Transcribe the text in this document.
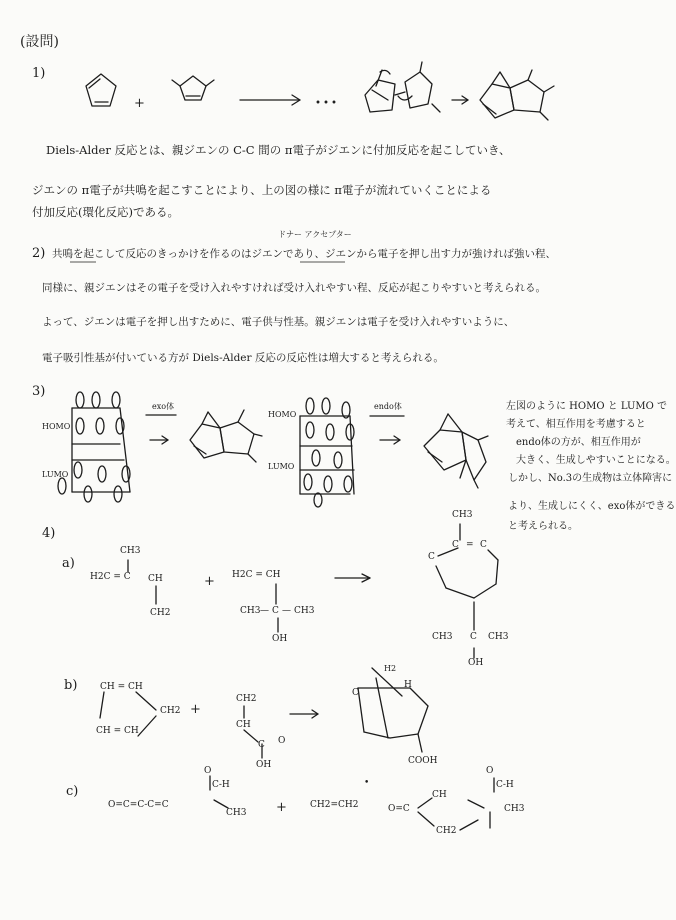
(設問)
1)
+
Diels-Alder 反応とは、親ジエンの C-C 間の π電子がジエンに付加反応を起こしていき、
ジエンの π電子が共鳴を起こすことにより、上の図の様に π電子が流れていくことによる
付加反応(環化反応)である。
2)
ドナー アクセプター
共鳴を起こして反応のきっかけを作るのはジエンであり、ジエンから電子を押し出す力が強ければ強い程、
同様に、親ジエンはその電子を受け入れやすければ受け入れやすい程、反応が起こりやすいと考えられる。
よって、ジエンは電子を押し出すために、電子供与性基。親ジエンは電子を受け入れやすいように、
電子吸引性基が付いている方が Diels-Alder 反応の反応性は増大すると考えられる。
3)
HOMO
LUMO
exo体
HOMO
LUMO
endo体	左図のように HOMO と LUMO で
考えて、相互作用を考慮すると
endo体の方が、相互作用が
大きく、生成しやすいことになる。
しかし、No.3の生成物は立体障害に
より、生成しにくく、exo体ができる
と考えられる。
4)
a)
CH3
H2C = C CH
CH2
+ H2C = CH
CH3 — C — CH3
OH
CH3
C = C
C
CH3 C CH3
OH
b)	CH = CH
CH2
CH = CH
+
CH2
CH
C O
OH
H2
C
H
COOH
c)
O=C=C-C=C
O
C-H
CH3 +	CH2=CH2
•
O=C
CH
O
C-H
CH3
CH2
